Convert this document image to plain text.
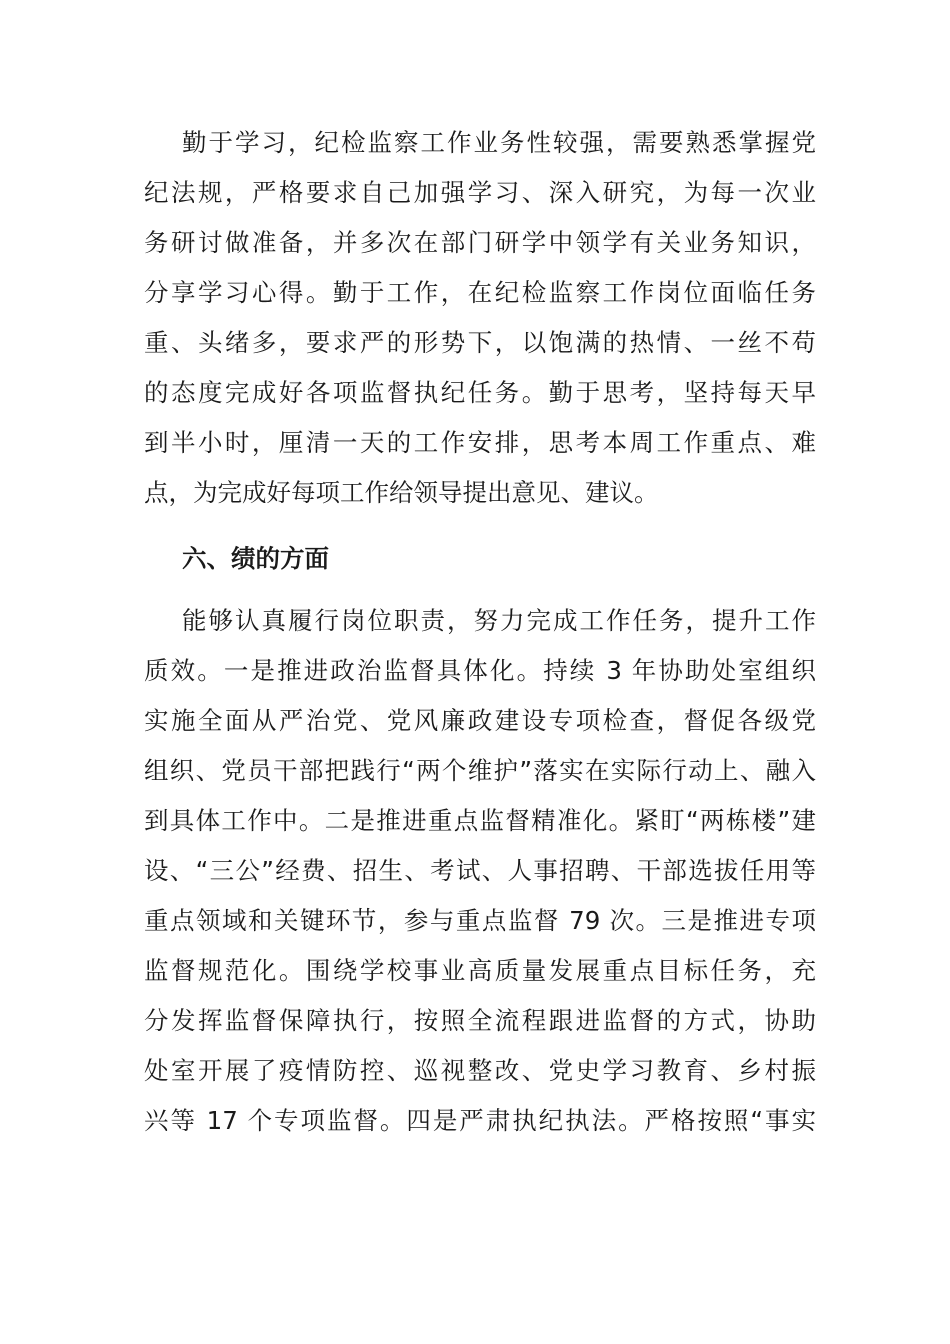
勤于学习，纪检监察工作业务性较强，需要熟悉掌握党
纪法规，严格要求自己加强学习、深入研究，为每一次业
务研讨做准备，并多次在部门研学中领学有关业务知识，
分享学习心得。勤于工作，在纪检监察工作岗位面临任务
重、头绪多，要求严的形势下，以饱满的热情、一丝不苟
的态度完成好各项监督执纪任务。勤于思考，坚持每天早
到半小时，厘清一天的工作安排，思考本周工作重点、难
点，为完成好每项工作给领导提出意见、建议。
六、绩的方面
能够认真履行岗位职责，努力完成工作任务，提升工作
质效。一是推进政治监督具体化。持续 3 年协助处室组织
实施全面从严治党、党风廉政建设专项检查，督促各级党
组织、党员干部把践行“两个维护”落实在实际行动上、融入
到具体工作中。二是推进重点监督精准化。紧盯“两栋楼”建
设、“三公”经费、招生、考试、人事招聘、干部选拔任用等
重点领域和关键环节，参与重点监督 79 次。三是推进专项
监督规范化。围绕学校事业高质量发展重点目标任务，充
分发挥监督保障执行，按照全流程跟进监督的方式，协助
处室开展了疫情防控、巡视整改、党史学习教育、乡村振
兴等 17 个专项监督。四是严肃执纪执法。严格按照“事实
